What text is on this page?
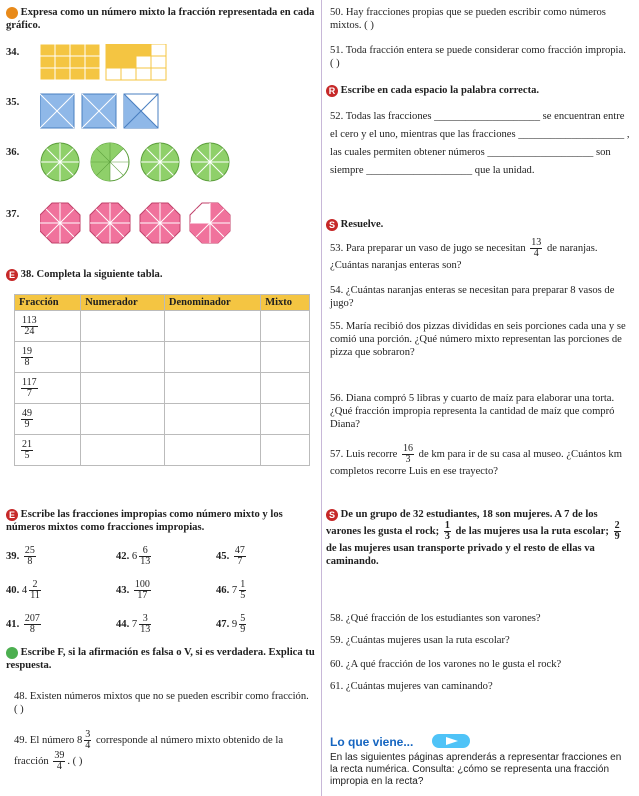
Expresa como un número mixto la fracción representada en cada gráfico.
34.
35.
36.
37.
E 38. Completa la siguiente tabla.
Fracción	Numerador	Denominador	Mixto

$\frac{113}{24}$

$\frac{19}{8}$

$\frac{117}{7}$

$\frac{49}{9}$

$\frac{21}{5}$

E Escribe las fracciones impropias como número mixto y los números mixtos como fracciones impropias.
39. $\frac{25}{8}$	42. $6 \frac{6}{13}$	45. $\frac{47}{7}$
40. $4 \frac{2}{11}$	43. $\frac{100}{17}$	46. $7 \frac{1}{5}$
41. $\frac{207}{8}$	44. $7 \frac{3}{13}$	47. $9 \frac{5}{9}$
Escribe F, si la afirmación es falsa o V, si es verdadera. Explica tu respuesta.
48. Existen números mixtos que no se pueden escribir como fracción. ( )
49. El número $8 \frac{3}{4}$ corresponde al número mixto obtenido de la fracción $\frac{39}{4}$ . ( )
50. Hay fracciones propias que se pueden escribir como números mixtos. ( )
51. Toda fracción entera se puede considerar como fracción impropia. ( )
R Escribe en cada espacio la palabra correcta.
52. Todas las fracciones ____________________ se encuentran entre el cero y el uno, mientras que las fracciones ____________________ , las cuales permiten obtener números ____________________ son siempre ____________________ que la unidad.
S Resuelve.
53. Para preparar un vaso de jugo se necesitan $\frac{13}{4}$ de naranjas. ¿Cuántas naranjas enteras son?
54. ¿Cuántas naranjas enteras se necesitan para preparar 8 vasos de jugo?
55. María recibió dos pizzas divididas en seis porciones cada una y se comió una porción. ¿Qué número mixto representan las porciones de pizza que sobraron?
56. Diana compró 5 libras y cuarto de maíz para elaborar una torta. ¿Qué fracción impropia representa la cantidad de maíz que compró Diana?
57. Luis recorre $\frac{16}{3}$ de km para ir de su casa al museo. ¿Cuántos km completos recorre Luis en ese trayecto?
S De un grupo de 32 estudiantes, 18 son mujeres. A 7 de los varones les gusta el rock; $\frac{1}{3}$ de las mujeres usa la ruta escolar; $\frac{2}{9}$
de las mujeres usan transporte privado y el resto de ellas va caminando.
58. ¿Qué fracción de los estudiantes son varones?
59. ¿Cuántas mujeres usan la ruta escolar?
60. ¿A qué fracción de los varones no le gusta el rock?
61. ¿Cuántas mujeres van caminando?
Lo que viene...
En las siguientes páginas aprenderás a representar fracciones en la recta numérica. Consulta: ¿cómo se representa una fracción impropia en la recta?
